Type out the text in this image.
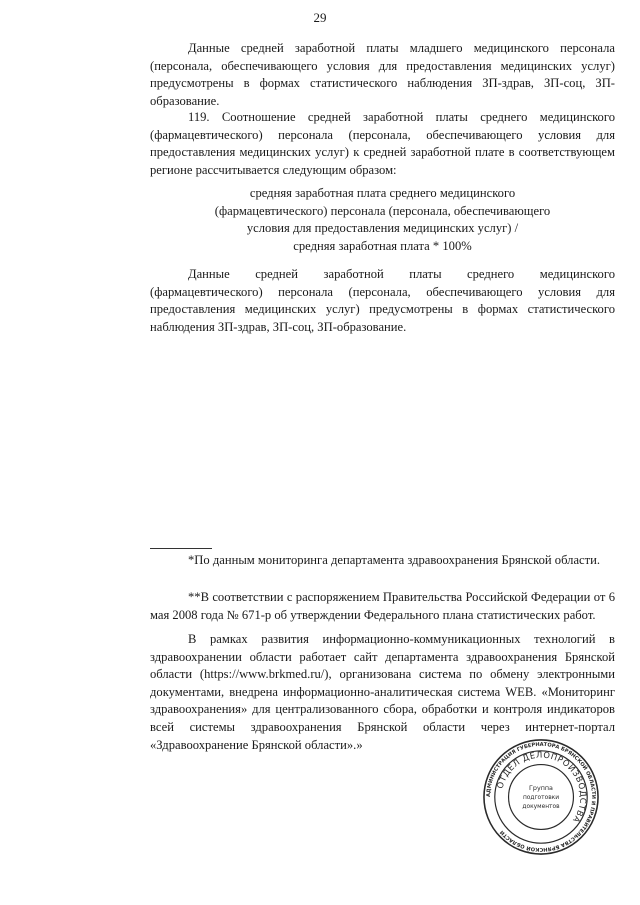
29

Данные средней заработной платы младшего медицинского персонала (персонала, обеспечивающего условия для предоставления медицинских услуг) предусмотрены в формах статистического наблюдения ЗП-здрав, ЗП-соц, ЗП-образование.

119. Соотношение средней заработной платы среднего медицинского (фармацевтического) персонала (персонала, обеспечивающего условия для предоставления медицинских услуг) к средней заработной плате в соответствующем регионе рассчитывается следующим образом:

средняя заработная плата среднего медицинского
(фармацевтического) персонала (персонала, обеспечивающего
условия для предоставления медицинских услуг) /
средняя заработная плата * 100%

Данные средней заработной платы среднего медицинского (фармацевтического) персонала (персонала, обеспечивающего условия для предоставления медицинских услуг) предусмотрены в формах статистического наблюдения ЗП-здрав, ЗП-соц, ЗП-образование.

*По данным мониторинга департамента здравоохранения Брянской области.

**В соответствии с распоряжением Правительства Российской Федерации от 6 мая 2008 года № 671-р об утверждении Федерального плана статистических работ.

В рамках развития информационно-коммуникационных технологий в здравоохранении области работает сайт департамента здравоохранения Брянской области (https://www.brkmed.ru/), организована система по обмену электронными документами, внедрена информационно-аналитическая система WEB. «Мониторинг здравоохранения» для централизованного сбора, обработки и контроля индикаторов всей системы здравоохранения Брянской области через интернет-портал «Здравоохранение Брянской области».»

АДМИНИСТРАЦИЯ ГУБЕРНАТОРА БРЯНСКОЙ ОБЛАСТИ И ПРАВИТЕЛЬСТВА БРЯНСКОЙ ОБЛАСТИ
ОТДЕЛ ДЕЛОПРОИЗВОДСТВА
Группа
подготовки
документов
